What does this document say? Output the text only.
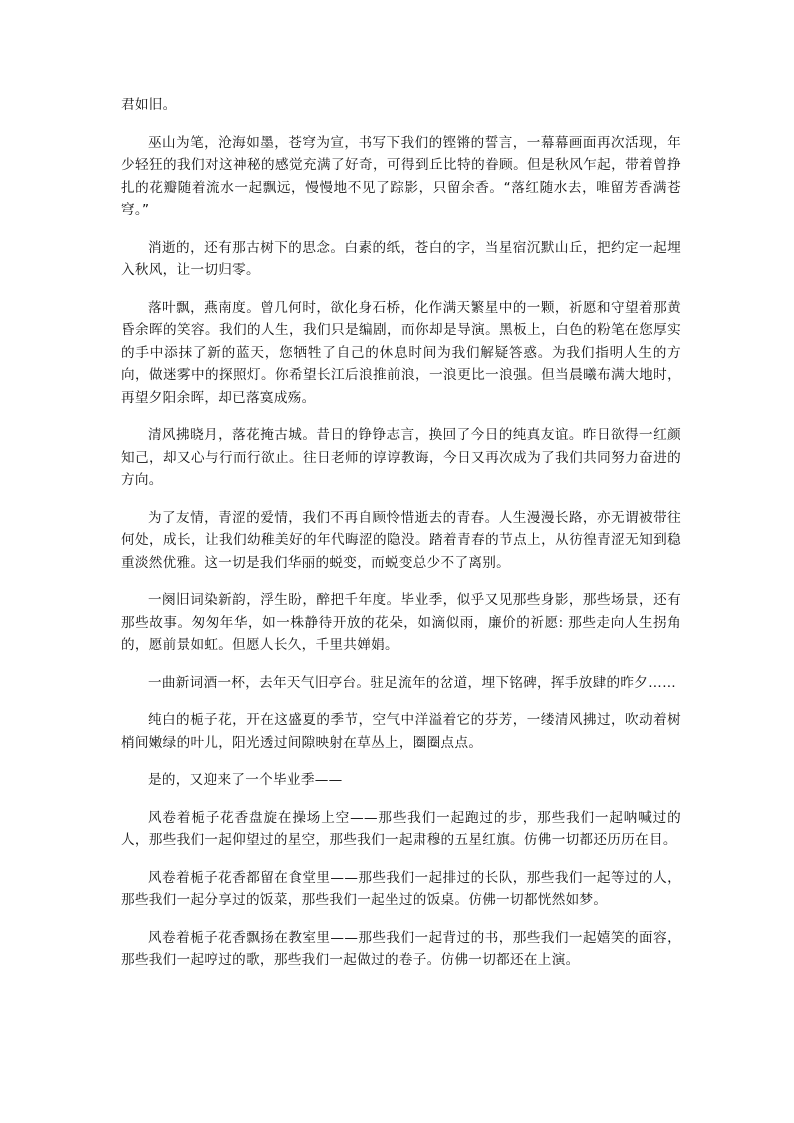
君如旧。

巫山为笔，沧海如墨，苍穹为宣，书写下我们的铿锵的誓言，一幕幕画面再次活现，年少轻狂的我们对这神秘的感觉充满了好奇，可得到丘比特的眷顾。但是秋风乍起，带着曾挣扎的花瓣随着流水一起飘远，慢慢地不见了踪影，只留余香。“落红随水去，唯留芳香满苍穹。”

消逝的，还有那古树下的思念。白素的纸，苍白的字，当星宿沉默山丘，把约定一起埋入秋风，让一切归零。

落叶飘，燕南度。曾几何时，欲化身石桥，化作满天繁星中的一颗，祈愿和守望着那黄昏余晖的笑容。我们的人生，我们只是编剧，而你却是导演。黑板上，白色的粉笔在您厚实的手中添抹了新的蓝天，您牺牲了自己的休息时间为我们解疑答惑。为我们指明人生的方向，做迷雾中的探照灯。你希望长江后浪推前浪，一浪更比一浪强。但当晨曦布满大地时，再望夕阳余晖，却已落寞成殇。

清风拂晓月，落花掩古城。昔日的铮铮志言，换回了今日的纯真友谊。昨日欲得一红颜知己，却又心与行而行欲止。往日老师的谆谆教诲，今日又再次成为了我们共同努力奋进的方向。

为了友情，青涩的爱情，我们不再自顾怜惜逝去的青春。人生漫漫长路，亦无谓被带往何处，成长，让我们幼稚美好的年代晦涩的隐没。踏着青春的节点上，从彷徨青涩无知到稳重淡然优雅。这一切是我们华丽的蜕变，而蜕变总少不了离别。

一阕旧词染新韵，浮生盼，醉把千年度。毕业季，似乎又见那些身影，那些场景，还有那些故事。匆匆年华，如一株静待开放的花朵，如滴似雨，廉价的祈愿: 那些走向人生拐角的，愿前景如虹。但愿人长久，千里共婵娟。

一曲新词酒一杯，去年天气旧亭台。驻足流年的岔道，埋下铭碑，挥手放肆的昨夕……

纯白的栀子花，开在这盛夏的季节，空气中洋溢着它的芬芳，一缕清风拂过，吹动着树梢间嫩绿的叶儿，阳光透过间隙映射在草丛上，圈圈点点。

是的，又迎来了一个毕业季——

风卷着栀子花香盘旋在操场上空——那些我们一起跑过的步，那些我们一起呐喊过的人，那些我们一起仰望过的星空，那些我们一起肃穆的五星红旗。仿佛一切都还历历在目。

风卷着栀子花香都留在食堂里——那些我们一起排过的长队，那些我们一起等过的人，那些我们一起分享过的饭菜，那些我们一起坐过的饭桌。仿佛一切都恍然如梦。

风卷着栀子花香飘扬在教室里——那些我们一起背过的书，那些我们一起嬉笑的面容，那些我们一起哼过的歌，那些我们一起做过的卷子。仿佛一切都还在上演。
